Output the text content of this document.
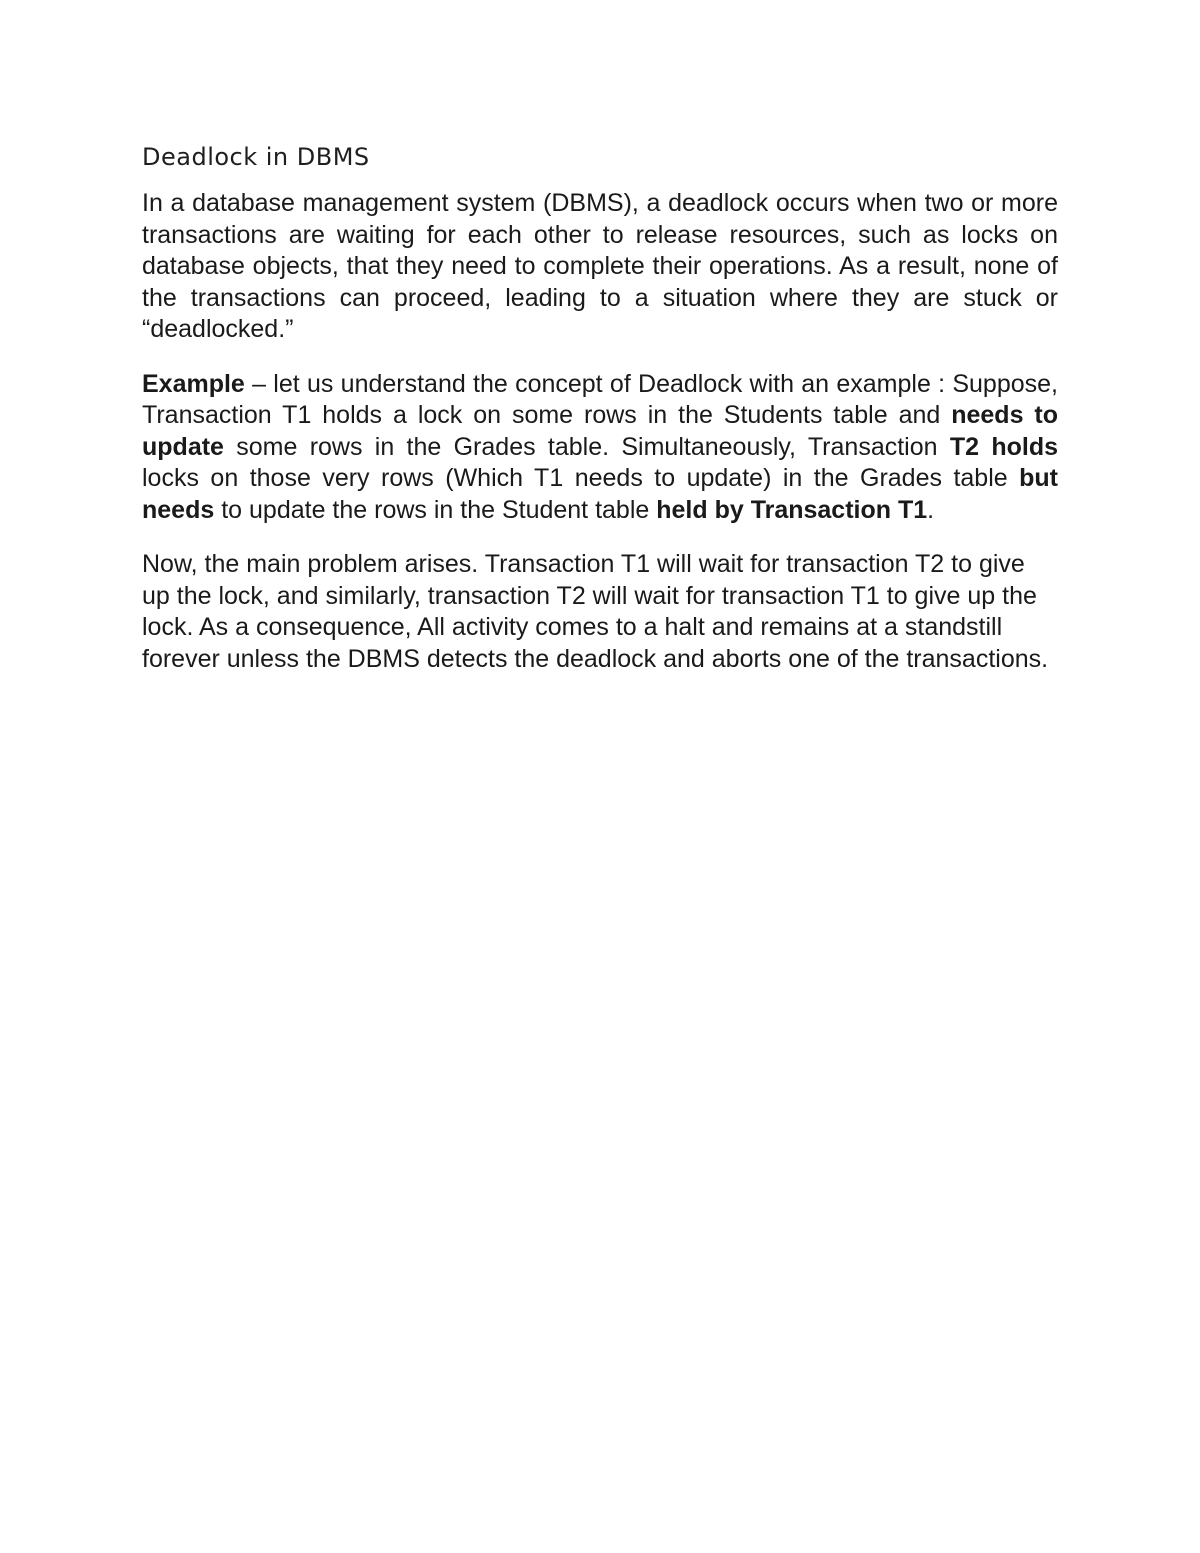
Deadlock in DBMS

In a database management system (DBMS), a deadlock occurs when two or more transactions are waiting for each other to release resources, such as locks on database objects, that they need to complete their operations. As a result, none of the transactions can proceed, leading to a situation where they are stuck or “deadlocked.”

Example – let us understand the concept of Deadlock with an example : Suppose, Transaction T1 holds a lock on some rows in the Students table and needs to update some rows in the Grades table. Simultaneously, Transaction T2 holds locks on those very rows (Which T1 needs to update) in the Grades table but needs to update the rows in the Student table held by Transaction T1.

Now, the main problem arises. Transaction T1 will wait for transaction T2 to give up the lock, and similarly, transaction T2 will wait for transaction T1 to give up the lock. As a consequence, All activity comes to a halt and remains at a standstill forever unless the DBMS detects the deadlock and aborts one of the transactions.
